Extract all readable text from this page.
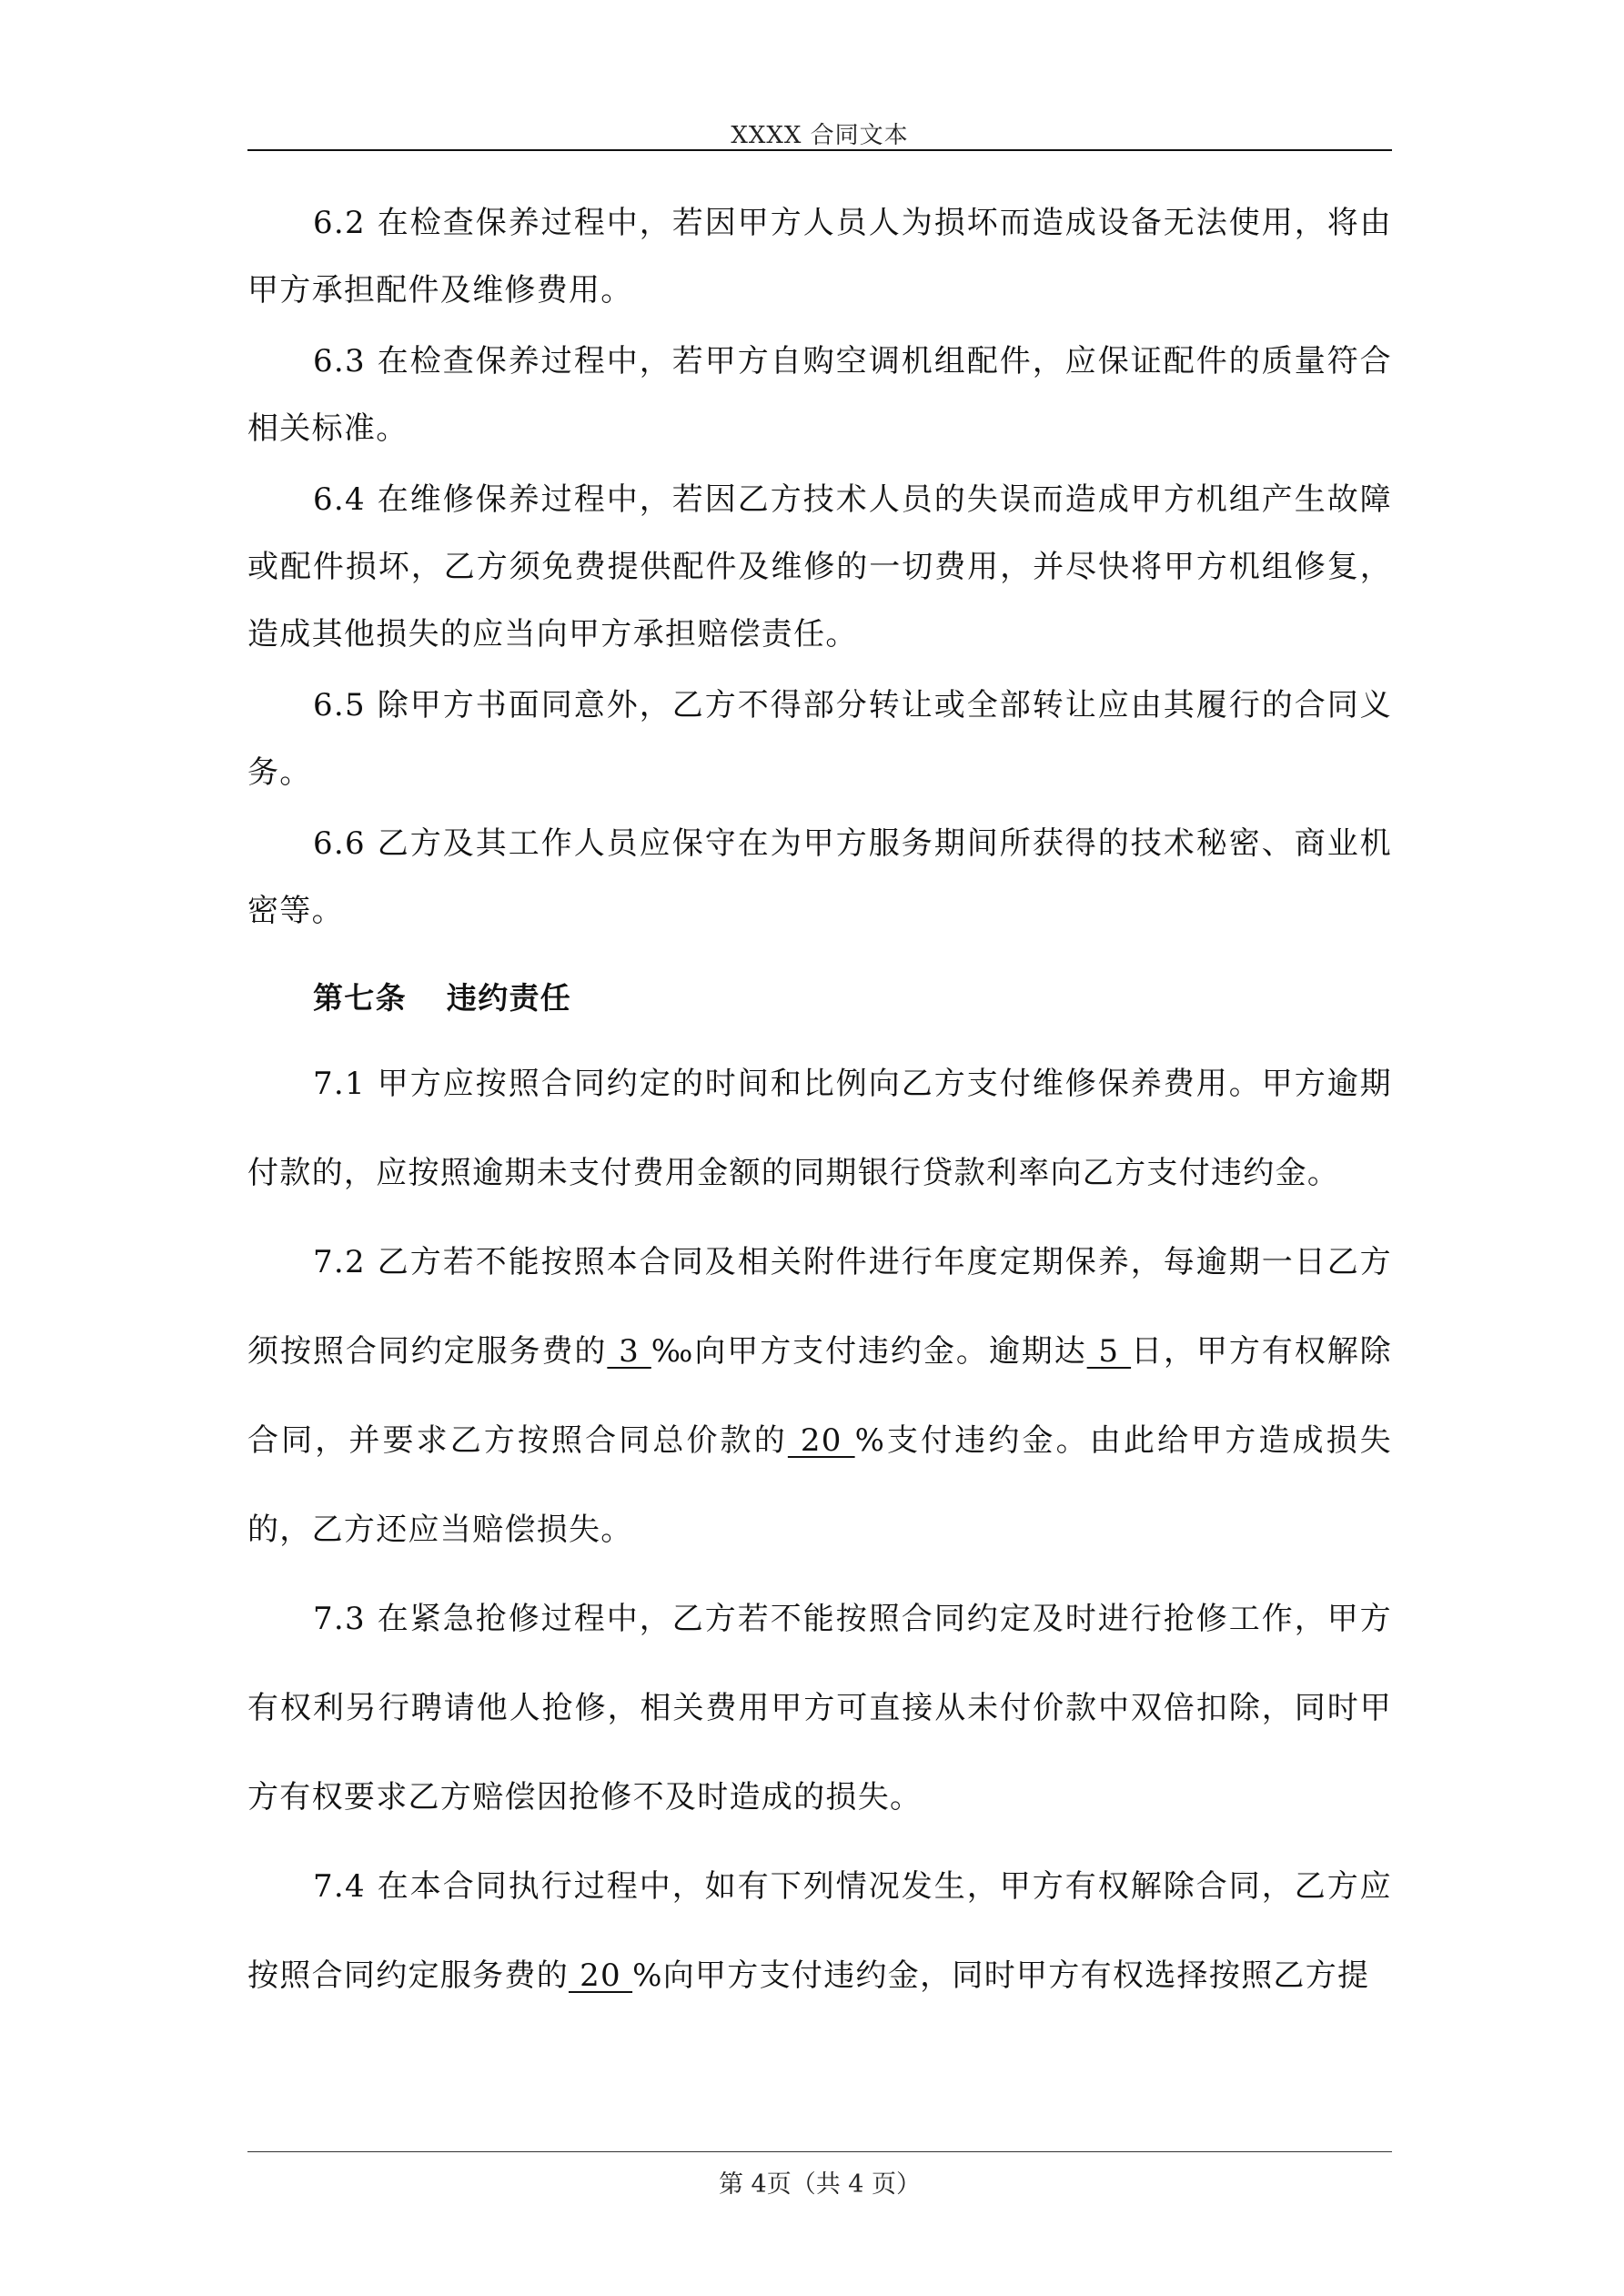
XXXX 合同文本

6.2 在检查保养过程中，若因甲方人员人为损坏而造成设备无法使用，将由甲方承担配件及维修费用。

6.3 在检查保养过程中，若甲方自购空调机组配件，应保证配件的质量符合相关标准。

6.4 在维修保养过程中，若因乙方技术人员的失误而造成甲方机组产生故障或配件损坏，乙方须免费提供配件及维修的一切费用，并尽快将甲方机组修复，造成其他损失的应当向甲方承担赔偿责任。

6.5 除甲方书面同意外，乙方不得部分转让或全部转让应由其履行的合同义务。

6.6 乙方及其工作人员应保守在为甲方服务期间所获得的技术秘密、商业机密等。

第七条 违约责任

7.1 甲方应按照合同约定的时间和比例向乙方支付维修保养费用。甲方逾期付款的，应按照逾期未支付费用金额的同期银行贷款利率向乙方支付违约金。

7.2 乙方若不能按照本合同及相关附件进行年度定期保养，每逾期一日乙方须按照合同约定服务费的 3 ‰向甲方支付违约金。逾期达 5 日，甲方有权解除合同，并要求乙方按照合同总价款的 20 %支付违约金。由此给甲方造成损失的，乙方还应当赔偿损失。

7.3 在紧急抢修过程中，乙方若不能按照合同约定及时进行抢修工作，甲方有权利另行聘请他人抢修，相关费用甲方可直接从未付价款中双倍扣除，同时甲方有权要求乙方赔偿因抢修不及时造成的损失。

7.4 在本合同执行过程中，如有下列情况发生，甲方有权解除合同，乙方应按照合同约定服务费的 20 %向甲方支付违约金，同时甲方有权选择按照乙方提

第 4页（共 4 页）
